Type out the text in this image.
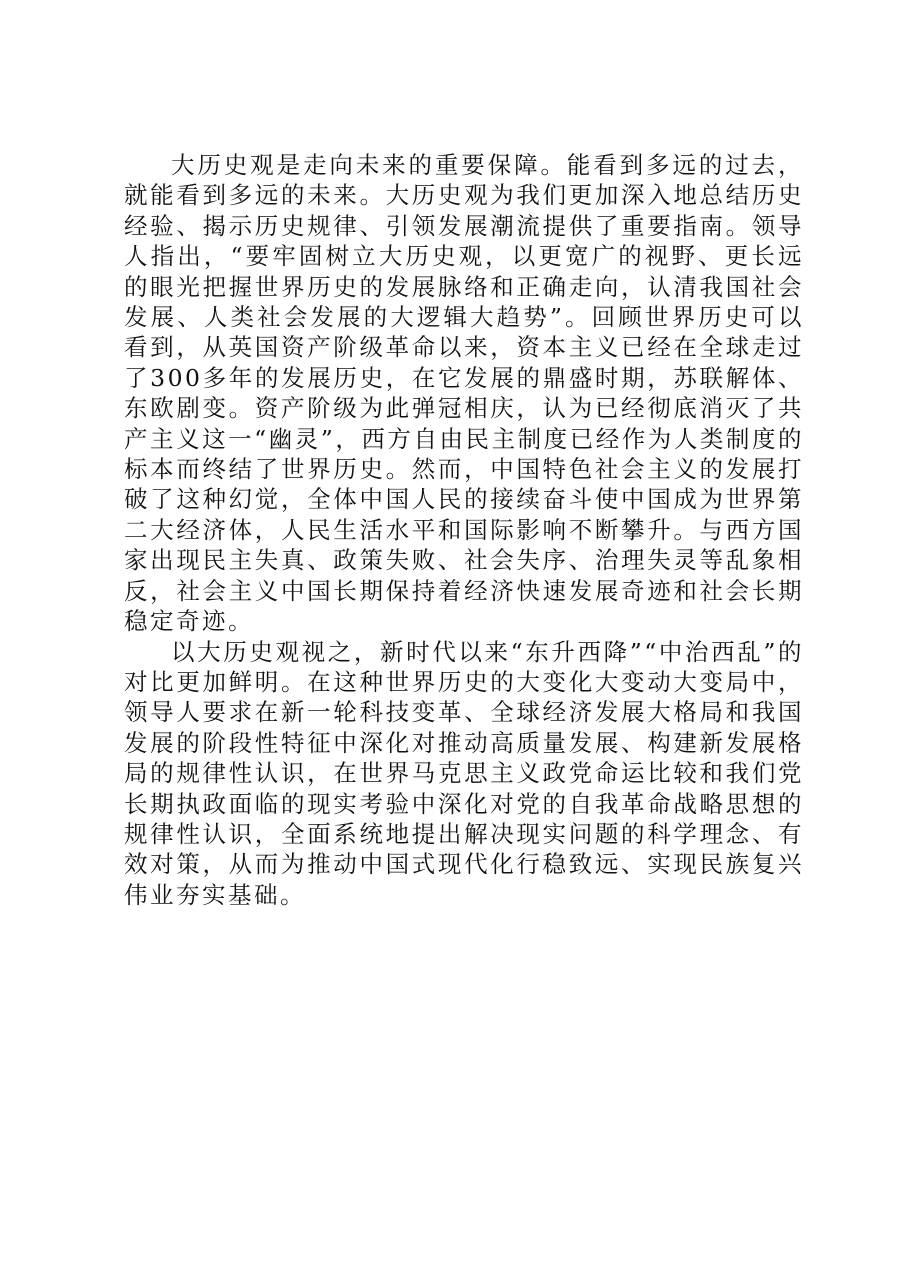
大历史观是走向未来的重要保障。能看到多远的过去，就能看到多远的未来。大历史观为我们更加深入地总结历史经验、揭示历史规律、引领发展潮流提供了重要指南。领导人指出，“要牢固树立大历史观，以更宽广的视野、更长远的眼光把握世界历史的发展脉络和正确走向，认清我国社会发展、人类社会发展的大逻辑大趋势”。回顾世界历史可以看到，从英国资产阶级革命以来，资本主义已经在全球走过了300多年的发展历史，在它发展的鼎盛时期，苏联解体、东欧剧变。资产阶级为此弹冠相庆，认为已经彻底消灭了共产主义这一“幽灵”，西方自由民主制度已经作为人类制度的标本而终结了世界历史。然而，中国特色社会主义的发展打破了这种幻觉，全体中国人民的接续奋斗使中国成为世界第二大经济体，人民生活水平和国际影响不断攀升。与西方国家出现民主失真、政策失败、社会失序、治理失灵等乱象相反，社会主义中国长期保持着经济快速发展奇迹和社会长期稳定奇迹。

以大历史观视之，新时代以来“东升西降”“中治西乱”的对比更加鲜明。在这种世界历史的大变化大变动大变局中，领导人要求在新一轮科技变革、全球经济发展大格局和我国发展的阶段性特征中深化对推动高质量发展、构建新发展格局的规律性认识，在世界马克思主义政党命运比较和我们党长期执政面临的现实考验中深化对党的自我革命战略思想的规律性认识，全面系统地提出解决现实问题的科学理念、有效对策，从而为推动中国式现代化行稳致远、实现民族复兴伟业夯实基础。
